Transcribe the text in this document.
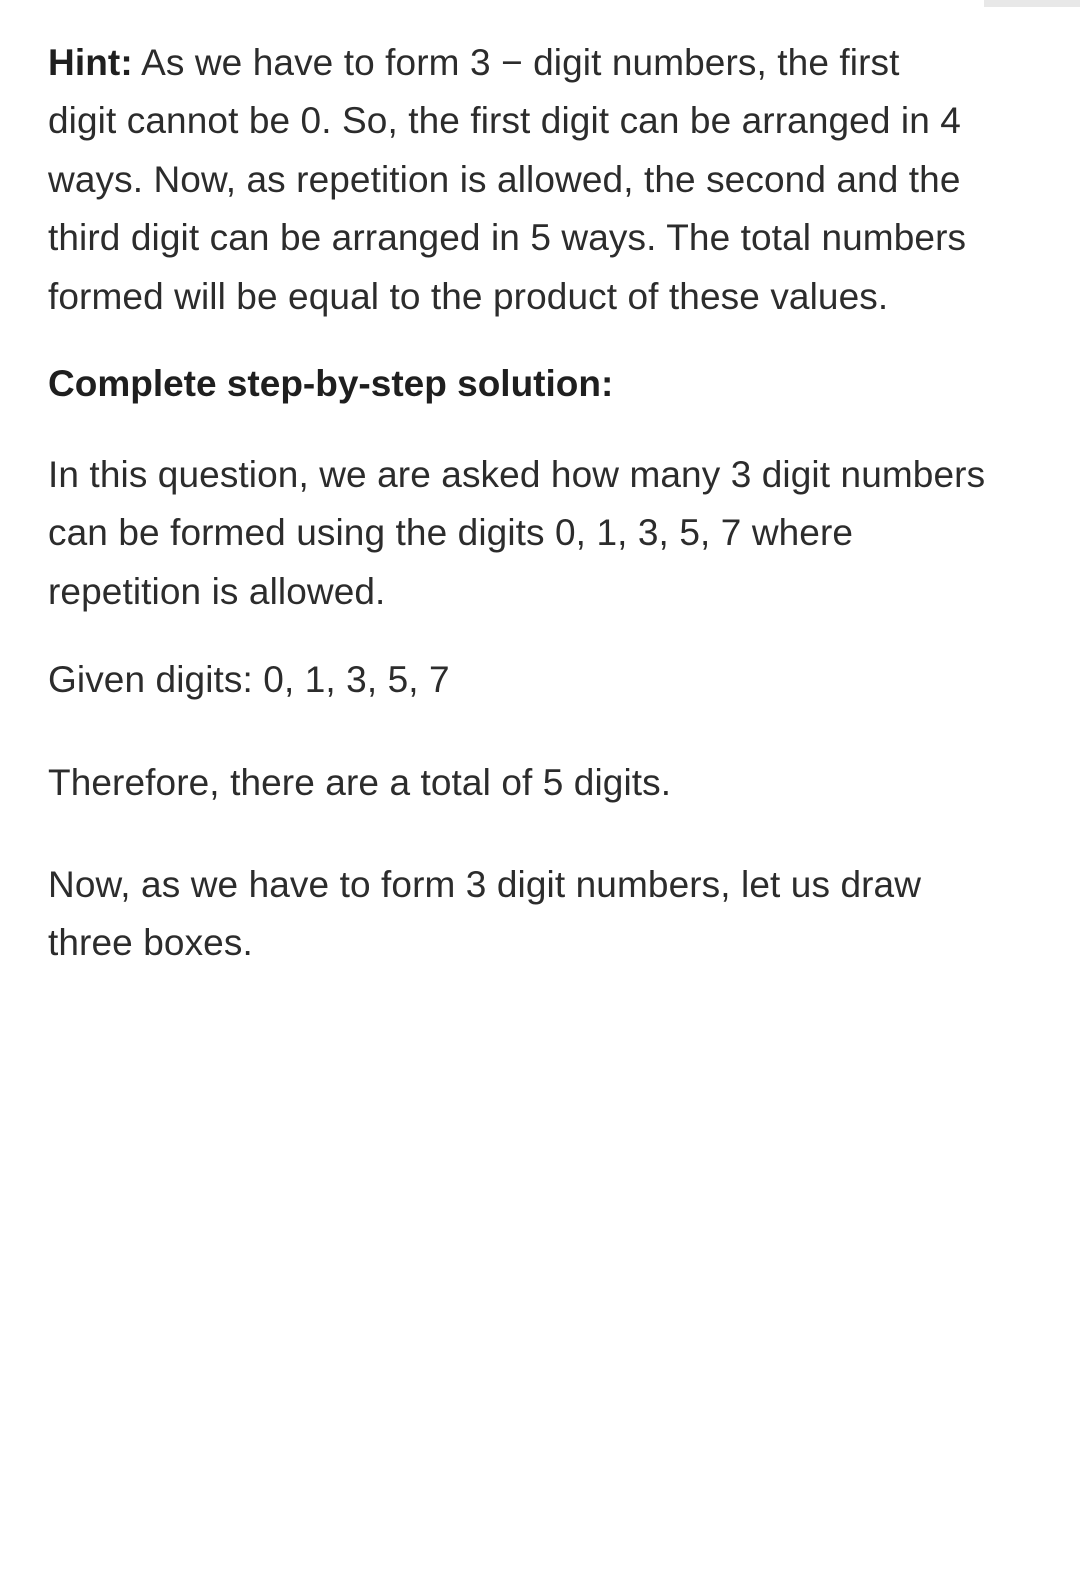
Hint: As we have to form 3 − digit numbers, the first digit cannot be 0. So, the first digit can be arranged in 4 ways. Now, as repetition is allowed, the second and the third digit can be arranged in 5 ways. The total numbers formed will be equal to the product of these values.

Complete step-by-step solution:

In this question, we are asked how many 3 digit numbers can be formed using the digits 0, 1, 3, 5, 7 where repetition is allowed.

Given digits: 0, 1, 3, 5, 7

Therefore, there are a total of 5 digits.

Now, as we have to form 3 digit numbers, let us draw three boxes.
